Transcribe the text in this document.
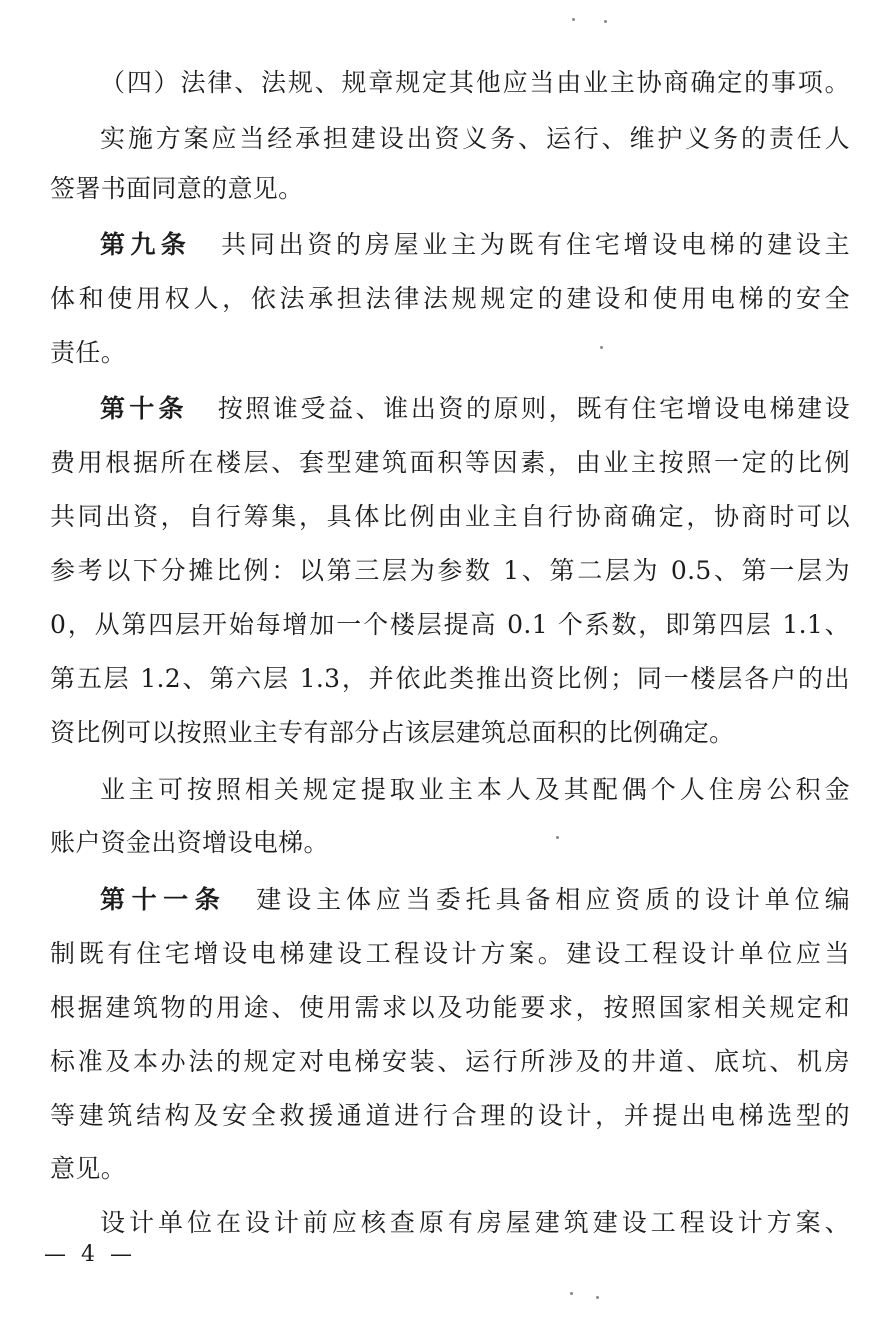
（四）法律、法规、规章规定其他应当由业主协商确定的事项。
实施方案应当经承担建设出资义务、运行、维护义务的责任人
签署书面同意的意见。
第九条 共同出资的房屋业主为既有住宅增设电梯的建设主
体和使用权人，依法承担法律法规规定的建设和使用电梯的安全
责任。
第十条 按照谁受益、谁出资的原则，既有住宅增设电梯建设
费用根据所在楼层、套型建筑面积等因素，由业主按照一定的比例
共同出资，自行筹集，具体比例由业主自行协商确定，协商时可以
参考以下分摊比例：以第三层为参数 1、第二层为 0.5、第一层为
0，从第四层开始每增加一个楼层提高 0.1 个系数，即第四层 1.1、
第五层 1.2、第六层 1.3，并依此类推出资比例；同一楼层各户的出
资比例可以按照业主专有部分占该层建筑总面积的比例确定。
业主可按照相关规定提取业主本人及其配偶个人住房公积金
账户资金出资增设电梯。
第十一条 建设主体应当委托具备相应资质的设计单位编
制既有住宅增设电梯建设工程设计方案。建设工程设计单位应当
根据建筑物的用途、使用需求以及功能要求，按照国家相关规定和
标准及本办法的规定对电梯安装、运行所涉及的井道、底坑、机房
等建筑结构及安全救援通道进行合理的设计，并提出电梯选型的
意见。
设计单位在设计前应核查原有房屋建筑建设工程设计方案、
— 4 —
